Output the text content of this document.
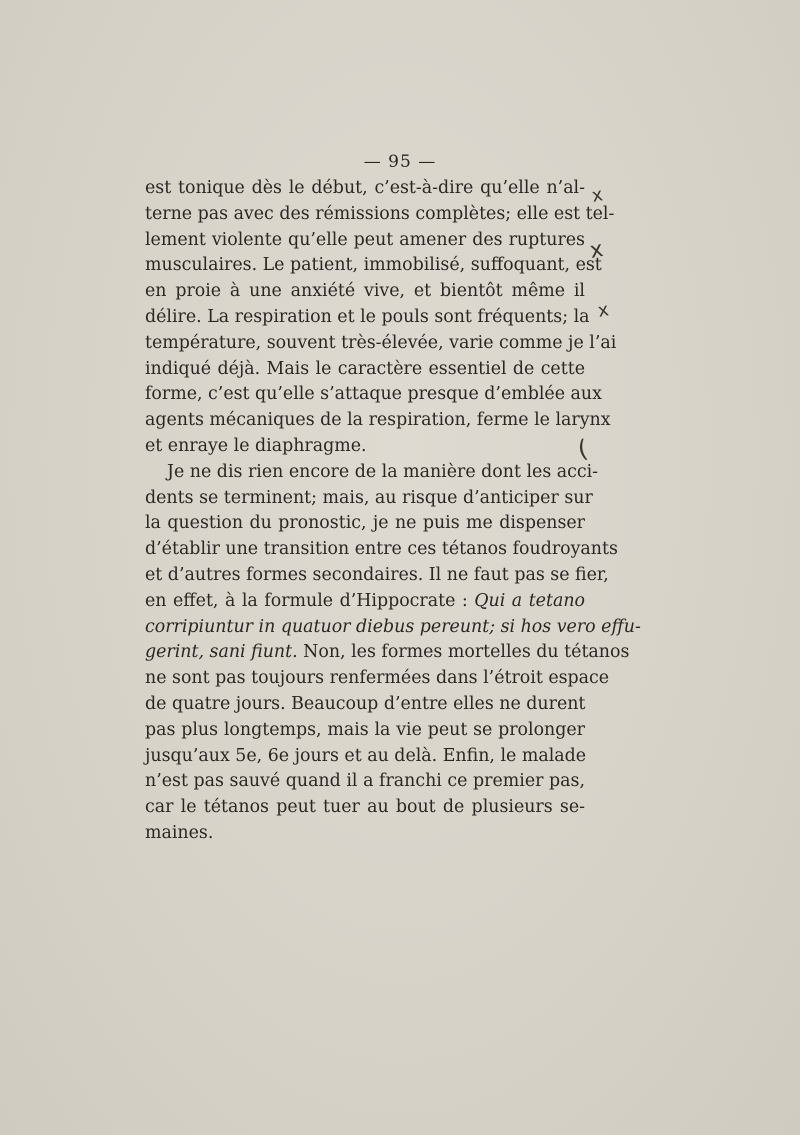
— 95 —
est tonique dès le début, c’est-à-dire qu’elle n’al-
terne pas avec des rémissions complètes; elle est tel-
lement violente qu’elle peut amener des ruptures
musculaires. Le patient, immobilisé, suffoquant, est
en proie à une anxiété vive, et bientôt même il
délire. La respiration et le pouls sont fréquents; la
température, souvent très-élevée, varie comme je l’ai
indiqué déjà. Mais le caractère essentiel de cette
forme, c’est qu’elle s’attaque presque d’emblée aux
agents mécaniques de la respiration, ferme le larynx
et enraye le diaphragme.
Je ne dis rien encore de la manière dont les acci-
dents se terminent; mais, au risque d’anticiper sur
la question du pronostic, je ne puis me dispenser
d’établir une transition entre ces tétanos foudroyants
et d’autres formes secondaires. Il ne faut pas se fier,
en effet, à la formule d’Hippocrate : Qui a tetano
corripiuntur in quatuor diebus pereunt; si hos vero effu-
gerint, sani fiunt. Non, les formes mortelles du tétanos
ne sont pas toujours renfermées dans l’étroit espace
de quatre jours. Beaucoup d’entre elles ne durent
pas plus longtemps, mais la vie peut se prolonger
jusqu’aux 5e, 6e jours et au delà. Enfin, le malade
n’est pas sauvé quand il a franchi ce premier pas,
car le tétanos peut tuer au bout de plusieurs se-
maines.
x
x
x
(
